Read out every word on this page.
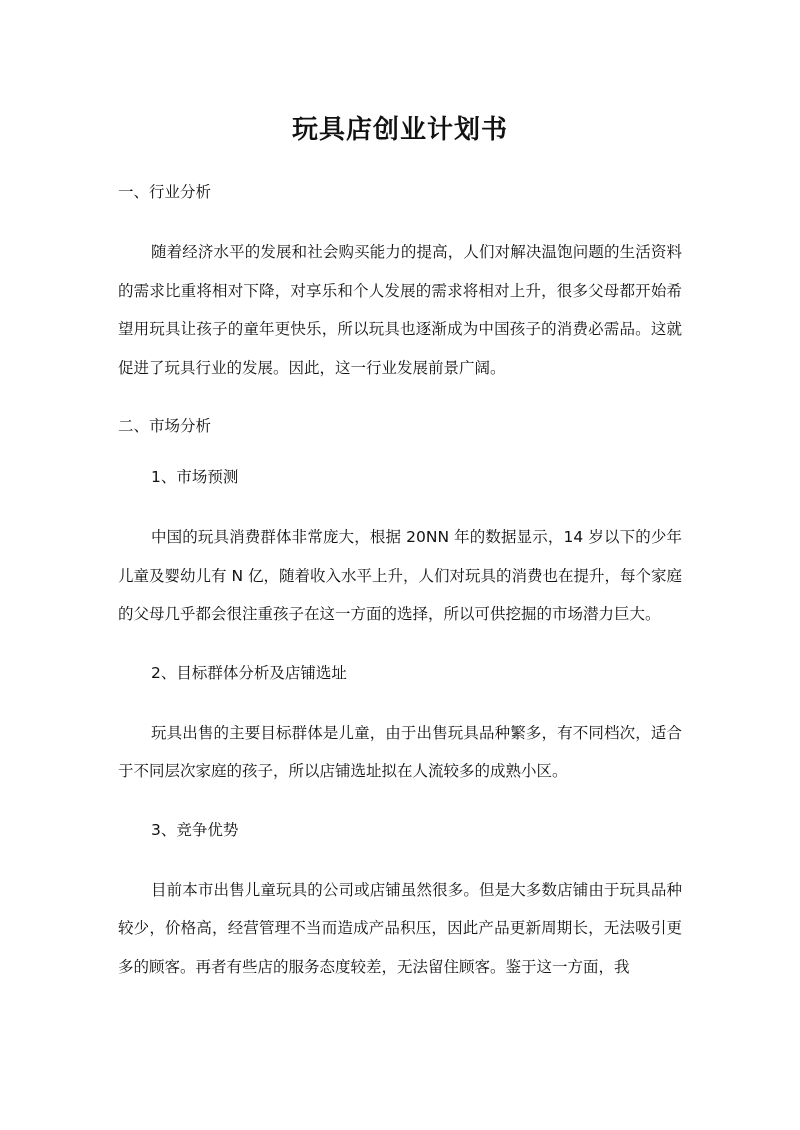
玩具店创业计划书

一、行业分析

随着经济水平的发展和社会购买能力的提高，人们对解决温饱问题的生活资料的需求比重将相对下降，对享乐和个人发展的需求将相对上升，很多父母都开始希望用玩具让孩子的童年更快乐，所以玩具也逐渐成为中国孩子的消费必需品。这就促进了玩具行业的发展。因此，这一行业发展前景广阔。

二、市场分析

1、市场预测

中国的玩具消费群体非常庞大，根据 20NN 年的数据显示，14 岁以下的少年儿童及婴幼儿有 N 亿，随着收入水平上升，人们对玩具的消费也在提升，每个家庭的父母几乎都会很注重孩子在这一方面的选择，所以可供挖掘的市场潜力巨大。

2、目标群体分析及店铺选址

玩具出售的主要目标群体是儿童，由于出售玩具品种繁多，有不同档次，适合于不同层次家庭的孩子，所以店铺选址拟在人流较多的成熟小区。

3、竞争优势

目前本市出售儿童玩具的公司或店铺虽然很多。但是大多数店铺由于玩具品种较少，价格高，经营管理不当而造成产品积压，因此产品更新周期长，无法吸引更多的顾客。再者有些店的服务态度较差，无法留住顾客。鉴于这一方面，我
